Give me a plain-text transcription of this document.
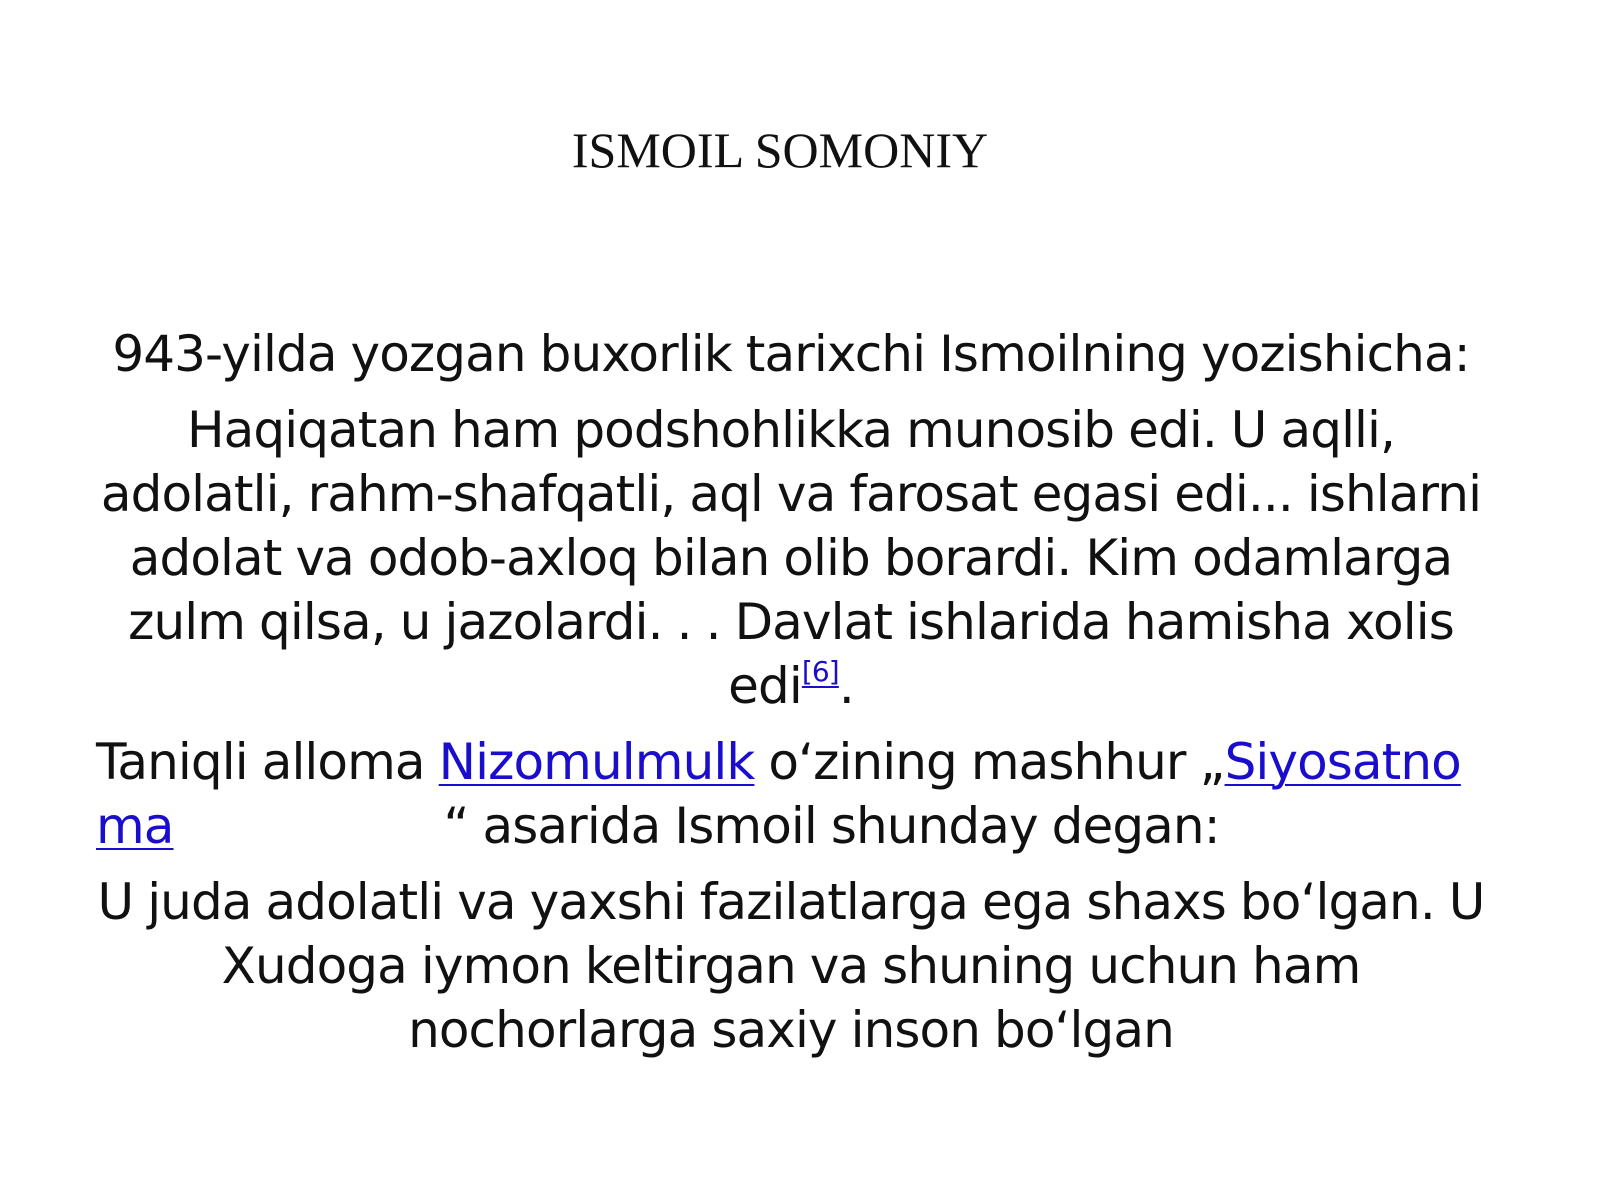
ISMOIL SOMONIY

943-yilda yozgan buxorlik tarixchi Ismoilning yozishicha:

Haqiqatan ham podshohlikka munosib edi. U aqlli, adolatli, rahm-shafqatli, aql va farosat egasi edi... ishlarni adolat va odob-axloq bilan olib borardi. Kim odamlarga zulm qilsa, u jazolardi. . . Davlat ishlarida hamisha xolis edi[6].

Taniqli alloma Nizomulmulk oʻzining mashhur „Siyosatno
ma	“ asarida Ismoil shunday degan:

U juda adolatli va yaxshi fazilatlarga ega shaxs boʻlgan. U Xudoga iymon keltirgan va shuning uchun ham nochorlarga saxiy inson boʻlgan
